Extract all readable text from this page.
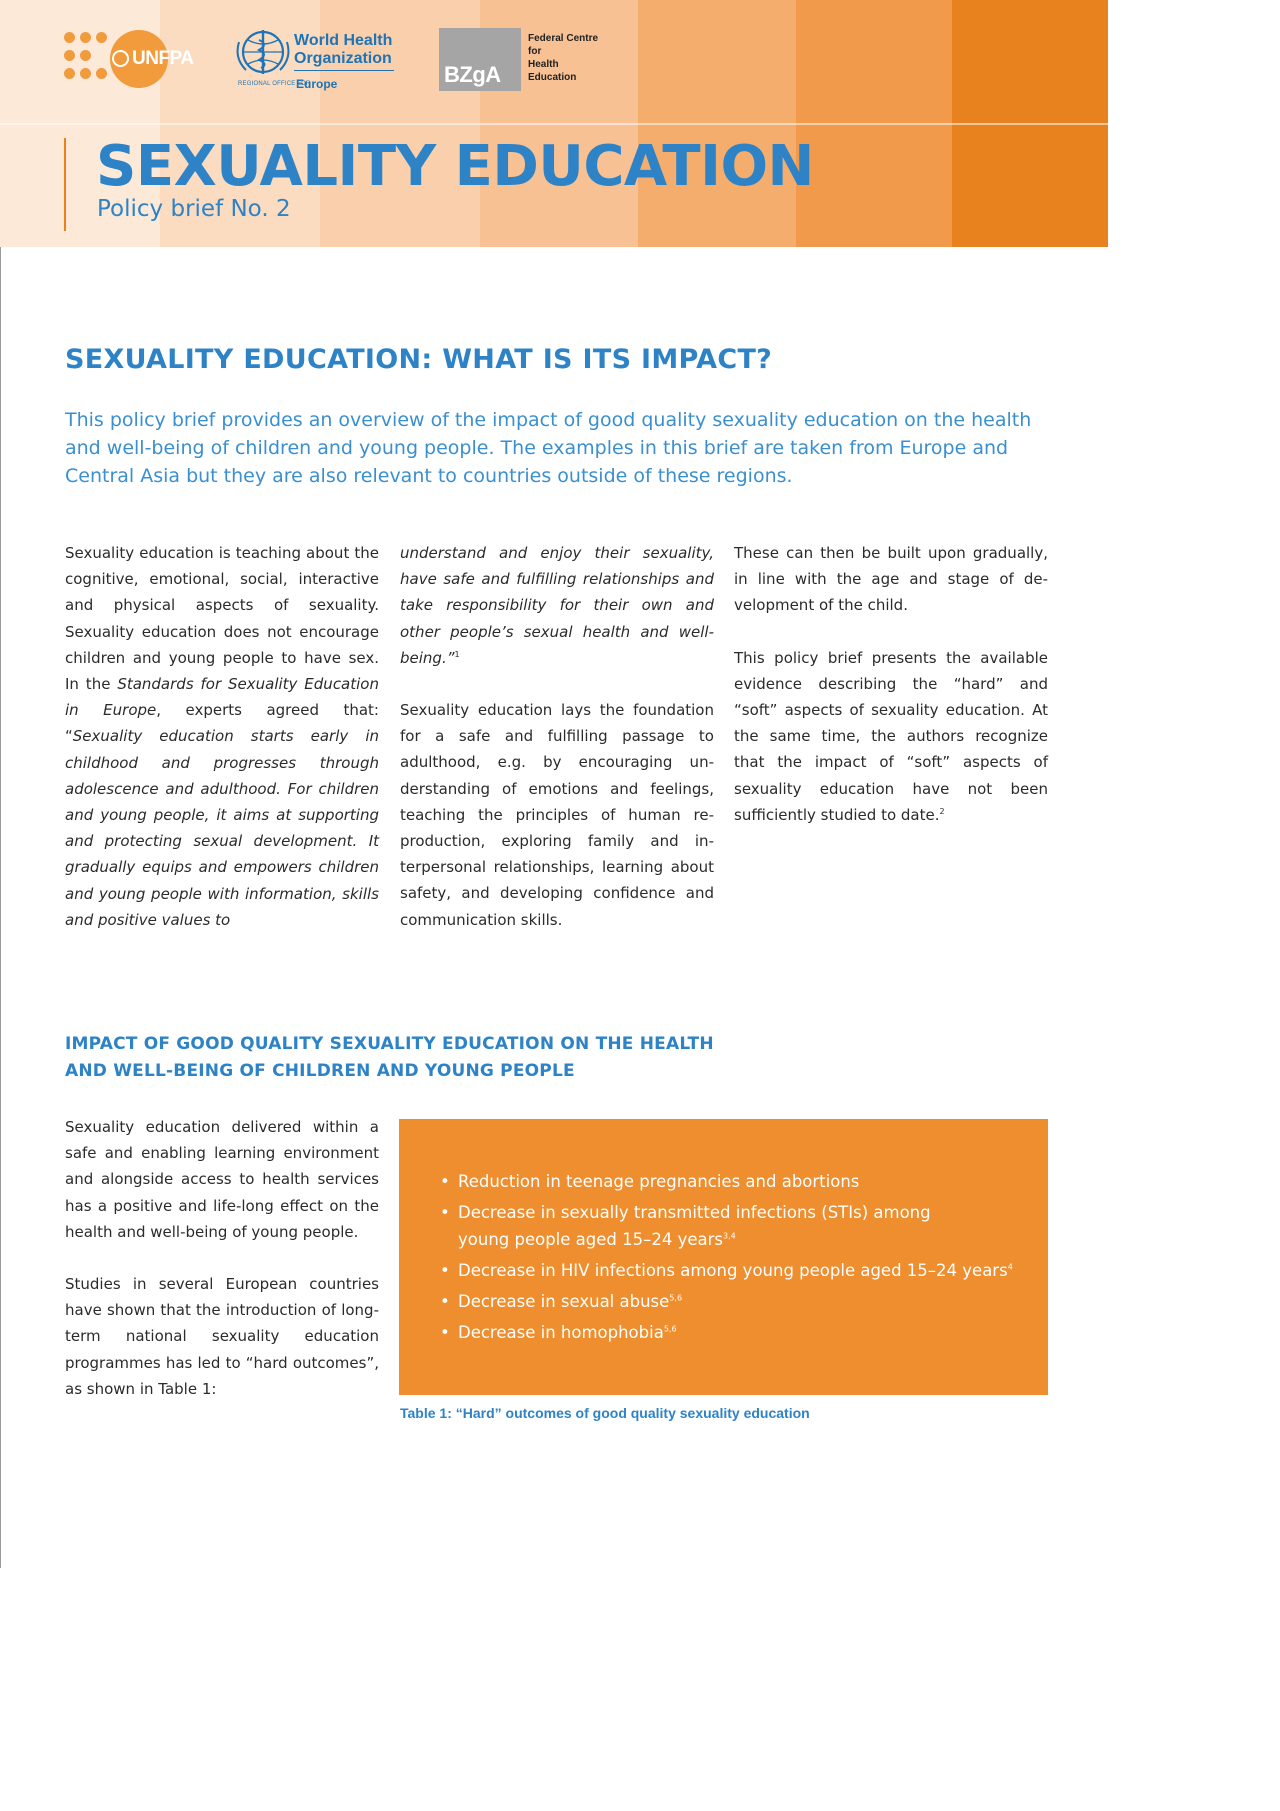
UNFPA
World Health
Organization
REGIONAL OFFICE FOR
Europe	BZgA
Federal Centre
for
Health
Education
SEXUALITY EDUCATION
Policy brief No. 2
SEXUALITY EDUCATION: WHAT IS ITS IMPACT?

This policy brief provides an overview of the impact of good quality sexuality education on the health and well-being of children and young people. The examples in this brief are taken from Europe and Central Asia but they are also relevant to countries outside of these regions.

Sexuality education is teaching about the cognitive, emotional, social, interactive and physical aspects of sexuality. Sexuality education does not encourage children and young people to have sex. In the Standards for Sexuality Education in Europe, experts agreed that: “Sexuality education starts early in childhood and progresses through adolescence and adulthood. For children and young people, it aims at supporting and protecting sexual development. It gradually equips and empowers children and young people with information, skills and positive values to

understand and enjoy their sexuality, have safe and fulfilling relationships and take responsibility for their own and other people’s sexual health and well-being.”$^1$

Sexuality education lays the foundation for a safe and fulfilling passage to adulthood, e.g. by encouraging understanding of emotions and feelings, teaching the principles of human reproduction, exploring family and interpersonal relationships, learning about safety, and developing confidence and communication skills.

These can then be built upon gradually, in line with the age and stage of development of the child.

This policy brief presents the available evidence describing the “hard” and “soft” aspects of sexuality education. At the same time, the authors recognize that the impact of “soft” aspects of sexuality education have not been sufficiently studied to date.$^2$

IMPACT OF GOOD QUALITY SEXUALITY EDUCATION ON THE HEALTH
AND WELL-BEING OF CHILDREN AND YOUNG PEOPLE

Sexuality education delivered within a safe and enabling learning environment and alongside access to health services has a positive and life-long effect on the health and well-being of young people.

Studies in several European countries have shown that the introduction of long-term national sexuality education programmes has led to “hard outcomes”, as shown in Table 1:

• Reduction in teenage pregnancies and abortions
• Decrease in sexually transmitted infections (STIs) among
young people aged 15–24 years$^{3,4}$
• Decrease in HIV infections among young people aged 15–24 years$^4$
• Decrease in sexual abuse$^{5,6}$
• Decrease in homophobia$^{5,6}$
Table 1: “Hard” outcomes of good quality sexuality education
